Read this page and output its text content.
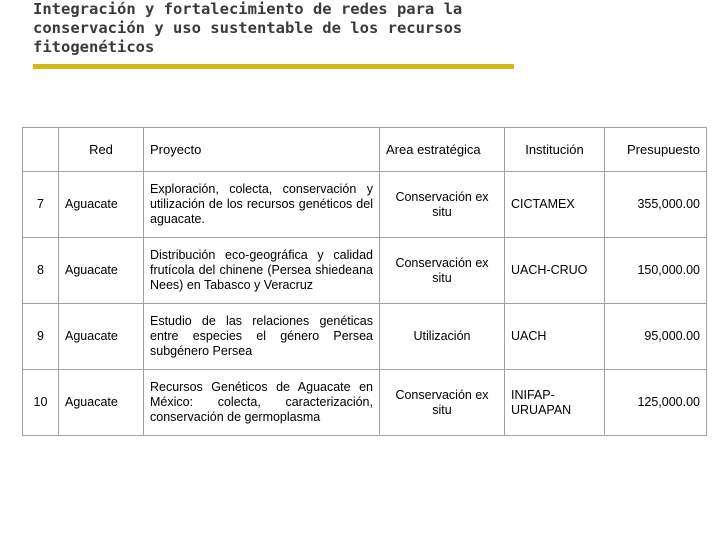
Integración y fortalecimiento de redes para la
conservación y uso sustentable de los recursos
fitogenéticos
	Red	Proyecto	Area estratégica	Institución	Presupuesto
7	Aguacate	Exploración, colecta, conservación y utilización de los recursos genéticos del aguacate.	Conservación ex situ	CICTAMEX	355,000.00
8	Aguacate	Distribución eco-geográfica y calidad frutícola del chinene (Persea shiedeana Nees) en Tabasco y Veracruz	Conservación ex situ	UACH-CRUO	150,000.00
9	Aguacate	Estudio de las relaciones genéticas entre especies el género Persea subgénero Persea	Utilización	UACH	95,000.00
10	Aguacate	Recursos Genéticos de Aguacate en México: colecta, caracterización, conservación de germoplasma	Conservación ex situ	INIFAP-URUAPAN	125,000.00
